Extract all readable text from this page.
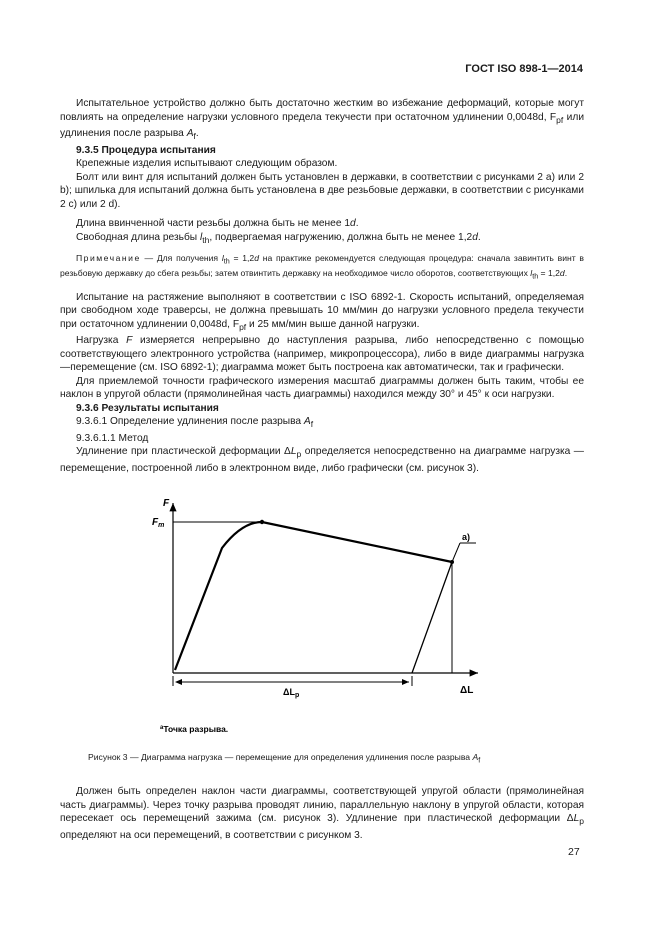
ГОСТ ISO 898-1—2014

Испытательное устройство должно быть достаточно жестким во избежание деформаций, которые могут повлиять на определение нагрузки условного предела текучести при остаточном удлинении 0,0048d, $F_{pf}$ или удлинения после разрыва $A_f$.

9.3.5 Процедура испытания

Крепежные изделия испытывают следующим образом.

Болт или винт для испытаний должен быть установлен в державки, в соответствии с рисунками 2 а) или 2 b); шпилька для испытаний должна быть установлена в две резьбовые державки, в соответствии с рисунками 2 с) или 2 d).

Длина ввинченной части резьбы должна быть не менее 1d.

Свободная длина резьбы $l_{th}$, подвергаемая нагружению, должна быть не менее 1,2d.

Примечание — Для получения $l_{th} = 1,2d$ на практике рекомендуется следующая процедура: сначала завинтить винт в резьбовую державку до сбега резьбы; затем отвинтить державку на необходимое число оборотов, соответствующих $l_{th} = 1,2d$.

Испытание на растяжение выполняют в соответствии с ISO 6892-1. Скорость испытаний, определяемая при свободном ходе траверсы, не должна превышать 10 мм/мин до нагрузки условного предела текучести при остаточном удлинении 0,0048d, $F_{pf}$ и 25 мм/мин выше данной нагрузки.

Нагрузка F измеряется непрерывно до наступления разрыва, либо непосредственно с помощью соответствующего электронного устройства (например, микропроцессора), либо в виде диаграммы нагрузка—перемещение (см. ISO 6892-1); диаграмма может быть построена как автоматически, так и графически.

Для приемлемой точности графического измерения масштаб диаграммы должен быть таким, чтобы ее наклон в упругой области (прямолинейная часть диаграммы) находился между 30° и 45° к оси нагрузки.

9.3.6 Результаты испытания

9.3.6.1 Определение удлинения после разрыва $A_f$

9.3.6.1.1 Метод

Удлинение при пластической деформации $\Delta L_p$ определяется непосредственно на диаграмме нагрузка — перемещение, построенной либо в электронном виде, либо графически (см. рисунок 3).

F
$F_m$
ΔL
a)
$\Delta L_p$
$^a$Точка разрыва.
Рисунок 3 — Диаграмма нагрузка — перемещение для определения удлинения после разрыва $A_f$
Должен быть определен наклон части диаграммы, соответствующей упругой области (прямолинейная часть диаграммы). Через точку разрыва проводят линию, параллельную наклону в упругой области, которая пересекает ось перемещений зажима (см. рисунок 3). Удлинение при пластической деформации $\Delta L_p$ определяют на оси перемещений, в соответствии с рисунком 3.
27
